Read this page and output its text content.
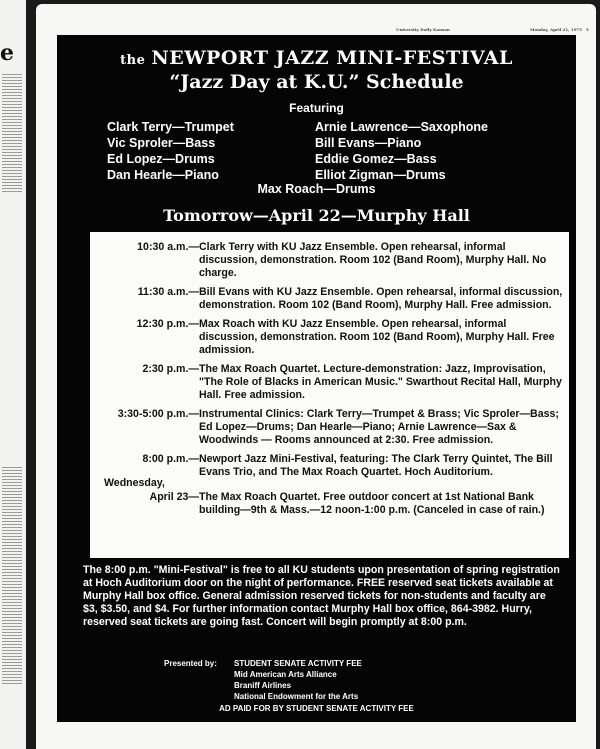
e
University Daily Kansan	Monday, April 21, 1975 5
the NEWPORT JAZZ MINI-FESTIVAL
“Jazz Day at K.U.” Schedule
Featuring
Clark Terry—Trumpet
Vic Sproler—Bass
Ed Lopez—Drums
Dan Hearle—Piano
Arnie Lawrence—Saxophone
Bill Evans—Piano
Eddie Gomez—Bass
Elliot Zigman—Drums
Max Roach—Drums
Tomorrow—April 22—Murphy Hall
10:30 a.m.— Clark Terry with KU Jazz Ensemble. Open rehearsal, informal discussion, demonstration. Room 102 (Band Room), Murphy Hall. No charge.
11:30 a.m.— Bill Evans with KU Jazz Ensemble. Open rehearsal, informal discussion, demonstration. Room 102 (Band Room), Murphy Hall. Free admission.
12:30 p.m.— Max Roach with KU Jazz Ensemble. Open rehearsal, informal discussion, demonstration. Room 102 (Band Room), Murphy Hall. Free admission.
2:30 p.m.— The Max Roach Quartet. Lecture-demonstration: Jazz, Improvisation, "The Role of Blacks in American Music." Swarthout Recital Hall, Murphy Hall. Free admission.
3:30-5:00 p.m.— Instrumental Clinics: Clark Terry—Trumpet & Brass; Vic Sproler—Bass; Ed Lopez—Drums; Dan Hearle—Piano; Arnie Lawrence—Sax & Woodwinds — Rooms announced at 2:30. Free admission.
8:00 p.m.— Newport Jazz Mini-Festival, featuring: The Clark Terry Quintet, The Bill Evans Trio, and The Max Roach Quartet. Hoch Auditorium.
April 23— The Max Roach Quartet. Free outdoor concert at 1st National Bank building—9th & Mass.—12 noon-1:00 p.m. (Canceled in case of rain.)
Wednesday,
The 8:00 p.m. "Mini-Festival" is free to all KU students upon presentation of spring registration at Hoch Auditorium door on the night of performance. FREE reserved seat tickets available at Murphy Hall box office. General admission reserved tickets for non-students and faculty are $3, $3.50, and $4. For further information contact Murphy Hall box office, 864-3982. Hurry, reserved seat tickets are going fast. Concert will begin promptly at 8:00 p.m.
Presented by: STUDENT SENATE ACTIVITY FEE
Mid American Arts Alliance
Braniff Airlines
National Endowment for the Arts
AD PAID FOR BY STUDENT SENATE ACTIVITY FEE
